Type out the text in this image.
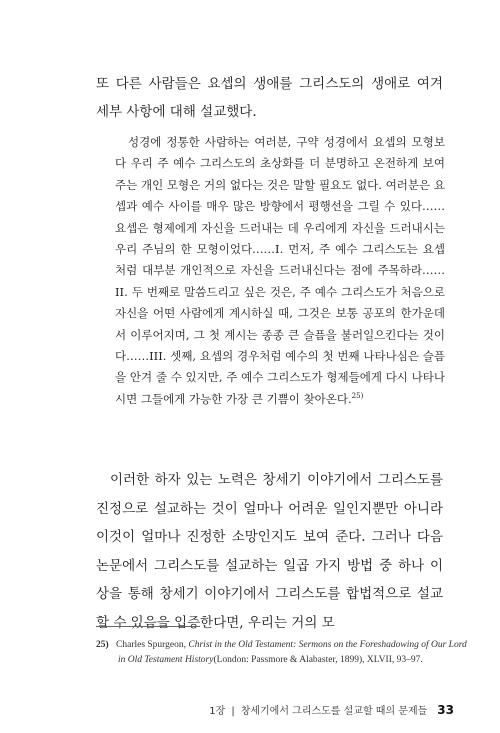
또 다른 사람들은 요셉의 생애를 그리스도의 생애로 여겨 세부 사항에 대해 설교했다.

성경에 정통한 사람하는 여러분, 구약 성경에서 요셉의 모형보다 우리 주 예수 그리스도의 초상화를 더 분명하고 온전하게 보여 주는 개인 모형은 거의 없다는 것은 말할 필요도 없다. 여러분은 요셉과 예수 사이를 매우 많은 방향에서 평행선을 그릴 수 있다……요셉은 형제에게 자신을 드러내는 데 우리에게 자신을 드러내시는 우리 주님의 한 모형이었다……I. 먼저, 주 예수 그리스도는 요셉처럼 대부분 개인적으로 자신을 드러내신다는 점에 주목하라……II. 두 번째로 말씀드리고 싶은 것은, 주 예수 그리스도가 처음으로 자신을 어떤 사람에게 계시하실 때, 그것은 보통 공포의 한가운데서 이루어지며, 그 첫 계시는 종종 큰 슬픔을 불러일으킨다는 것이다……III. 셋째, 요셉의 경우처럼 예수의 첫 번째 나타나심은 슬픔을 안겨 줄 수 있지만, 주 예수 그리스도가 형제들에게 다시 나타나시면 그들에게 가능한 가장 큰 기쁨이 찾아온다.$^{25)}$

이러한 하자 있는 노력은 창세기 이야기에서 그리스도를 진정으로 설교하는 것이 얼마나 어려운 일인지뿐만 아니라 이것이 얼마나 진정한 소망인지도 보여 준다. 그러나 다음 논문에서 그리스도를 설교하는 일곱 가지 방법 중 하나 이상을 통해 창세기 이야기에서 그리스도를 합법적으로 설교할 수 있음을 입증한다면, 우리는 거의 모

25) Charles Spurgeon, Christ in the Old Testament: Sermons on the Foreshadowing of Our Lord in Old Testament History(London: Passmore & Alabaster, 1899), XLVII, 93‒97.

1장 | 창세기에서 그리스도를 설교할 때의 문제들 33
